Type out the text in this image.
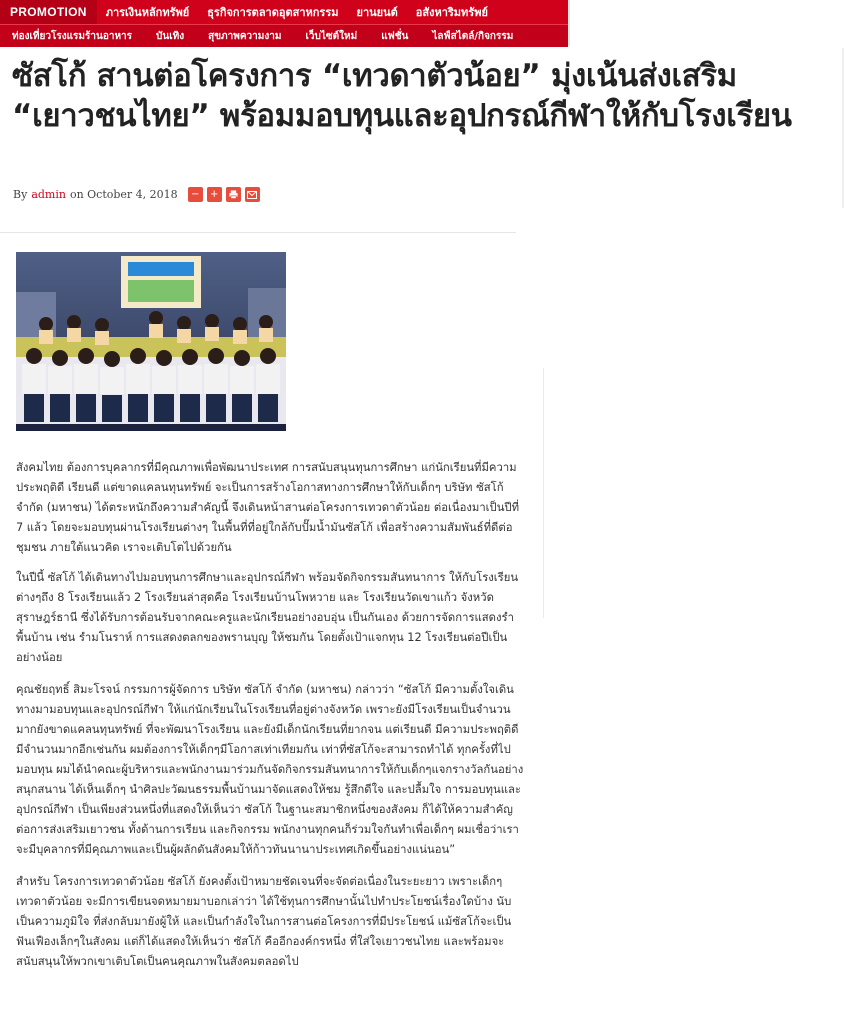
PROMOTION	ภารเงินหลักทรัพย์	ธุรกิจการตลาดอุตสาหกรรม	ยานยนต์	อสังหาริมทรัพย์
ท่องเที่ยวโรงแรมร้านอาหาร	บันเทิง	สุขภาพความงาม	เว็บไซต์ใหม่	แฟชั่น	ไลฟ์สไตล์/กิจกรรม
ซัสโก้ สานต่อโครงการ “เทวดาตัวน้อย” มุ่งเน้นส่งเสริม “เยาวชนไทย” พร้อมมอบทุนและอุปกรณ์กีฬาให้กับโรงเรียน
By admin on October 4, 2018	−	+

สังคมไทย ต้องการบุคลากรที่มีคุณภาพเพื่อพัฒนาประเทศ การสนับสนุนทุนการศึกษา แก่นักเรียนที่มีความประพฤติดี เรียนดี แต่ขาดแคลนทุนทรัพย์ จะเป็นการสร้างโอกาสทางการศึกษาให้กับเด็กๆ บริษัท ซัสโก้ จำกัด (มหาชน) ได้ตระหนักถึงความสำคัญนี้ จึงเดินหน้าสานต่อโครงการเทวดาตัวน้อย ต่อเนื่องมาเป็นปีที่ 7 แล้ว โดยจะมอบทุนผ่านโรงเรียนต่างๆ ในพื้นที่ที่อยู่ใกล้กับปั๊มน้ำมันซัสโก้ เพื่อสร้างความสัมพันธ์ที่ดีต่อชุมชน ภายใต้แนวคิด เราจะเติบโตไปด้วยกัน

ในปีนี้ ซัสโก้ ได้เดินทางไปมอบทุนการศึกษาและอุปกรณ์กีฬา พร้อมจัดกิจกรรมสันทนาการ ให้กับโรงเรียนต่างๆถึง 8 โรงเรียนแล้ว 2 โรงเรียนล่าสุดคือ โรงเรียนบ้านโพหวาย และ โรงเรียนวัดเขาแก้ว จังหวัดสุราษฎร์ธานี ซึ่งได้รับการต้อนรับจากคณะครูและนักเรียนอย่างอบอุ่น เป็นกันเอง ด้วยการจัดการแสดงรำพื้นบ้าน เช่น รำมโนราห์ การแสดงตลกของพรานบุญ ให้ชมกัน โดยตั้งเป้าแจกทุน 12 โรงเรียนต่อปีเป็นอย่างน้อย

คุณชัยฤทธิ์ สิมะโรจน์ กรรมการผู้จัดการ บริษัท ซัสโก้ จำกัด (มหาชน) กล่าวว่า “ซัสโก้ มีความตั้งใจเดินทางมามอบทุนและอุปกรณ์กีฬา ให้แก่นักเรียนในโรงเรียนที่อยู่ต่างจังหวัด เพราะยังมีโรงเรียนเป็นจำนวนมากยังขาดแคลนทุนทรัพย์ ที่จะพัฒนาโรงเรียน และยังมีเด็กนักเรียนที่ยากจน แต่เรียนดี มีความประพฤติดี มีจำนวนมากอีกเช่นกัน ผมต้องการให้เด็กๆมีโอกาสเท่าเทียมกัน เท่าที่ซัสโก้จะสามารถทำได้ ทุกครั้งที่ไปมอบทุน ผมได้นำคณะผู้บริหารและพนักงานมาร่วมกันจัดกิจกรรมสันทนาการให้กับเด็กๆแจกรางวัลกันอย่างสนุกสนาน ได้เห็นเด็กๆ นำศิลปะวัฒนธรรมพื้นบ้านมาจัดแสดงให้ชม รู้สึกดีใจ และปลื้มใจ การมอบทุนและอุปกรณ์กีฬา เป็นเพียงส่วนหนึ่งที่แสดงให้เห็นว่า ซัสโก้ ในฐานะสมาชิกหนึ่งของสังคม ก็ได้ให้ความสำคัญต่อการส่งเสริมเยาวชน ทั้งด้านการเรียน และกิจกรรม พนักงานทุกคนก็ร่วมใจกันทำเพื่อเด็กๆ ผมเชื่อว่าเราจะมีบุคลากรที่มีคุณภาพและเป็นผู้ผลักดันสังคมให้ก้าวทันนานาประเทศเกิดขึ้นอย่างแน่นอน”

สำหรับ โครงการเทวดาตัวน้อย ซัสโก้ ยังคงตั้งเป้าหมายชัดเจนที่จะจัดต่อเนื่องในระยะยาว เพราะเด็กๆเทวดาตัวน้อย จะมีการเขียนจดหมายมาบอกเล่าว่า ได้ใช้ทุนการศึกษานั้นไปทำประโยชน์เรื่องใดบ้าง นับเป็นความภูมิใจ ที่ส่งกลับมายังผู้ให้ และเป็นกำลังใจในการสานต่อโครงการที่มีประโยชน์ แม้ซัสโก้จะเป็นฟันเฟืองเล็กๆในสังคม แต่ก็ได้แสดงให้เห็นว่า ซัสโก้ คืออีกองค์กรหนึ่ง ที่ใส่ใจเยาวชนไทย และพร้อมจะสนับสนุนให้พวกเขาเติบโตเป็นคนคุณภาพในสังคมตลอดไป
